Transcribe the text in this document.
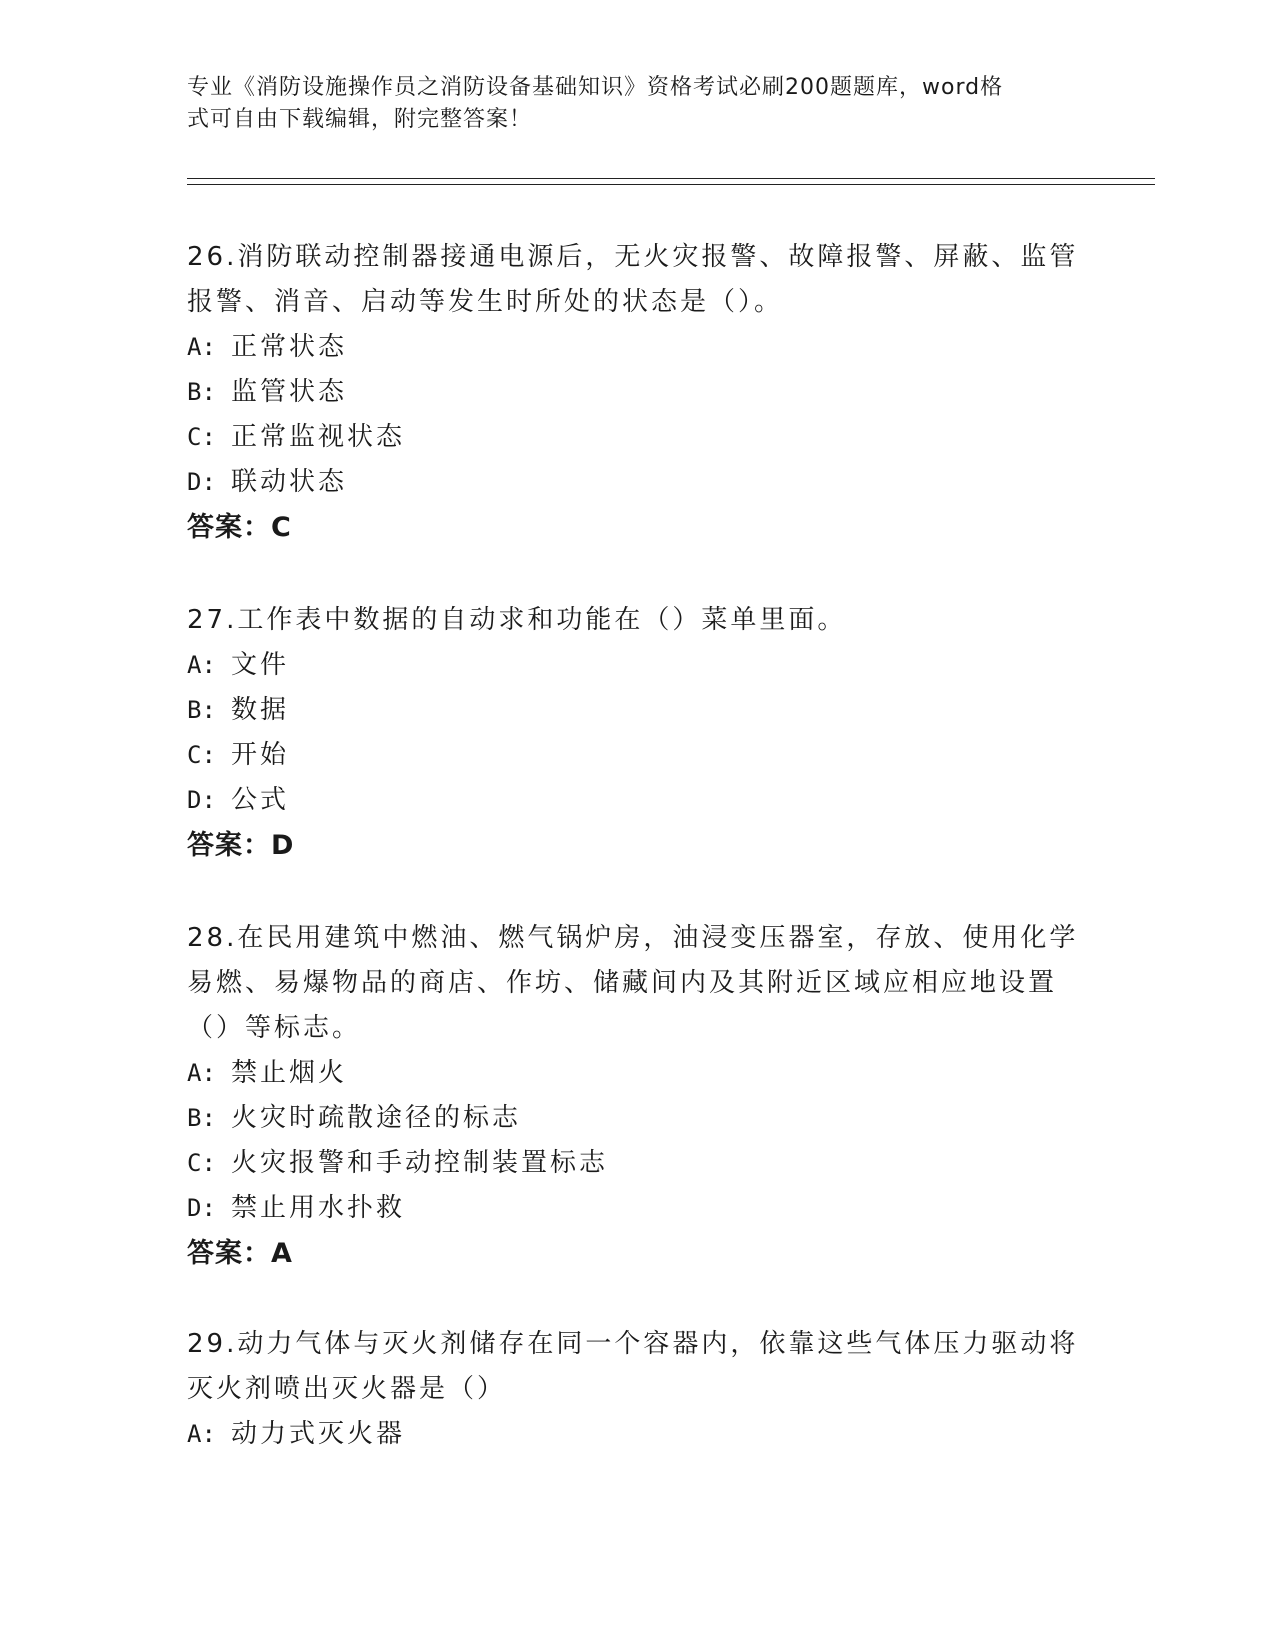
专业《消防设施操作员之消防设备基础知识》资格考试必刷200题题库，word格
式可自由下载编辑，附完整答案！

26.消防联动控制器接通电源后，无火灾报警、故障报警、屏蔽、监管

报警、消音、启动等发生时所处的状态是（）。

A: 正常状态
B: 监管状态
C: 正常监视状态
D: 联动状态
答案：C

27.工作表中数据的自动求和功能在（）菜单里面。

A: 文件
B: 数据
C: 开始
D: 公式
答案：D

28.在民用建筑中燃油、燃气锅炉房，油浸变压器室，存放、使用化学

易燃、易爆物品的商店、作坊、储藏间内及其附近区域应相应地设置

（）等标志。

A: 禁止烟火
B: 火灾时疏散途径的标志
C: 火灾报警和手动控制装置标志
D: 禁止用水扑救
答案：A

29.动力气体与灭火剂储存在同一个容器内，依靠这些气体压力驱动将

灭火剂喷出灭火器是（）

A: 动力式灭火器
